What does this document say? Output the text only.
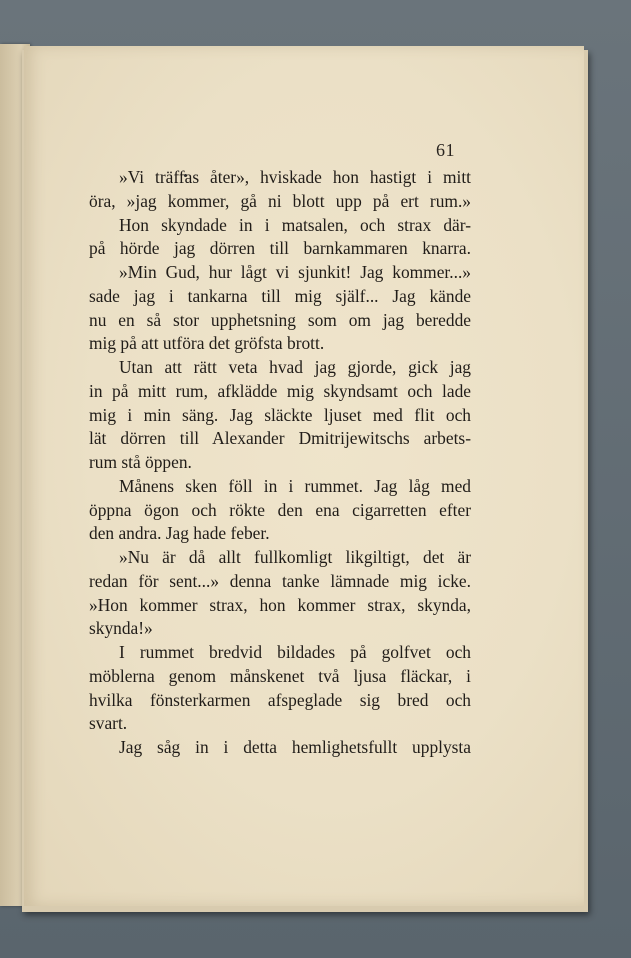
61
»Vi träffas åter», hviskade hon hastigt i mitt
öra, »jag kommer, gå ni blott upp på ert rum.»
Hon skyndade in i matsalen, och strax där-
på hörde jag dörren till barnkammaren knarra.
»Min Gud, hur lågt vi sjunkit! Jag kommer...»
sade jag i tankarna till mig själf... Jag kände
nu en så stor upphetsning som om jag beredde
mig på att utföra det gröfsta brott.
Utan att rätt veta hvad jag gjorde, gick jag
in på mitt rum, afklädde mig skyndsamt och lade
mig i min säng. Jag släckte ljuset med flit och
lät dörren till Alexander Dmitrijewitschs arbets-
rum stå öppen.
Månens sken föll in i rummet. Jag låg med
öppna ögon och rökte den ena cigarretten efter
den andra. Jag hade feber.
»Nu är då allt fullkomligt likgiltigt, det är
redan för sent...» denna tanke lämnade mig icke.
»Hon kommer strax, hon kommer strax, skynda,
skynda!»
I rummet bredvid bildades på golfvet och
möblerna genom månskenet två ljusa fläckar, i
hvilka fönsterkarmen afspeglade sig bred och
svart.
Jag såg in i detta hemlighetsfullt upplysta
